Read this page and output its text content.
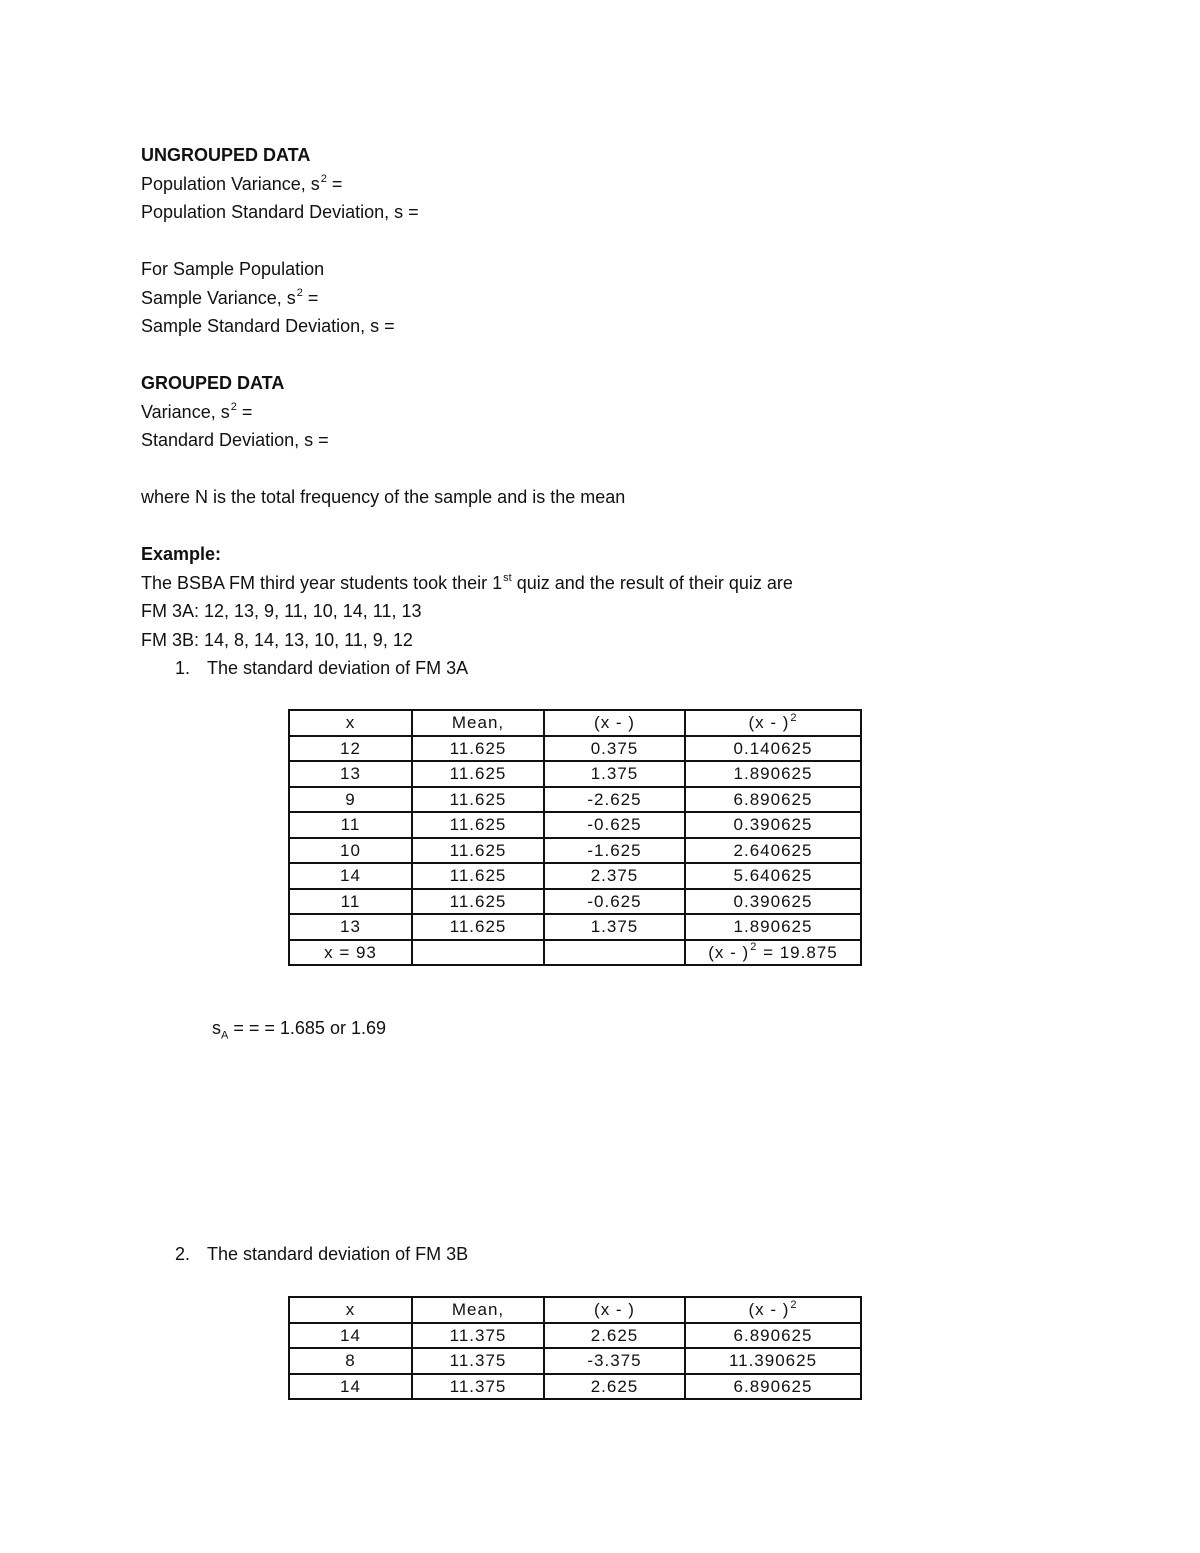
UNGROUPED DATA
Population Variance, $s^2$ =
Population Standard Deviation, s =
For Sample Population
Sample Variance, $s^2$ =
Sample Standard Deviation, s =
GROUPED DATA
Variance, $s^2$ =
Standard Deviation, s =
where N is the total frequency of the sample and is the mean
Example:
The BSBA FM third year students took their 1st quiz and the result of their quiz are
FM 3A: 12, 13, 9, 11, 10, 14, 11, 13
FM 3B: 14, 8, 14, 13, 10, 11, 9, 12
1. The standard deviation of FM 3A
x	Mean,	(x - )	(x - )$^2$
12	11.625	0.375	0.140625
13	11.625	1.375	1.890625
9	11.625	-2.625	6.890625
11	11.625	-0.625	0.390625
10	11.625	-1.625	2.640625
14	11.625	2.375	5.640625
11	11.625	-0.625	0.390625
13	11.625	1.375	1.890625
x = 93			(x - )$^2$ = 19.875
$s_A$ = = = 1.685 or 1.69
2. The standard deviation of FM 3B
x	Mean,	(x - )	(x - )$^2$
14	11.375	2.625	6.890625
8	11.375	-3.375	11.390625
14	11.375	2.625	6.890625
